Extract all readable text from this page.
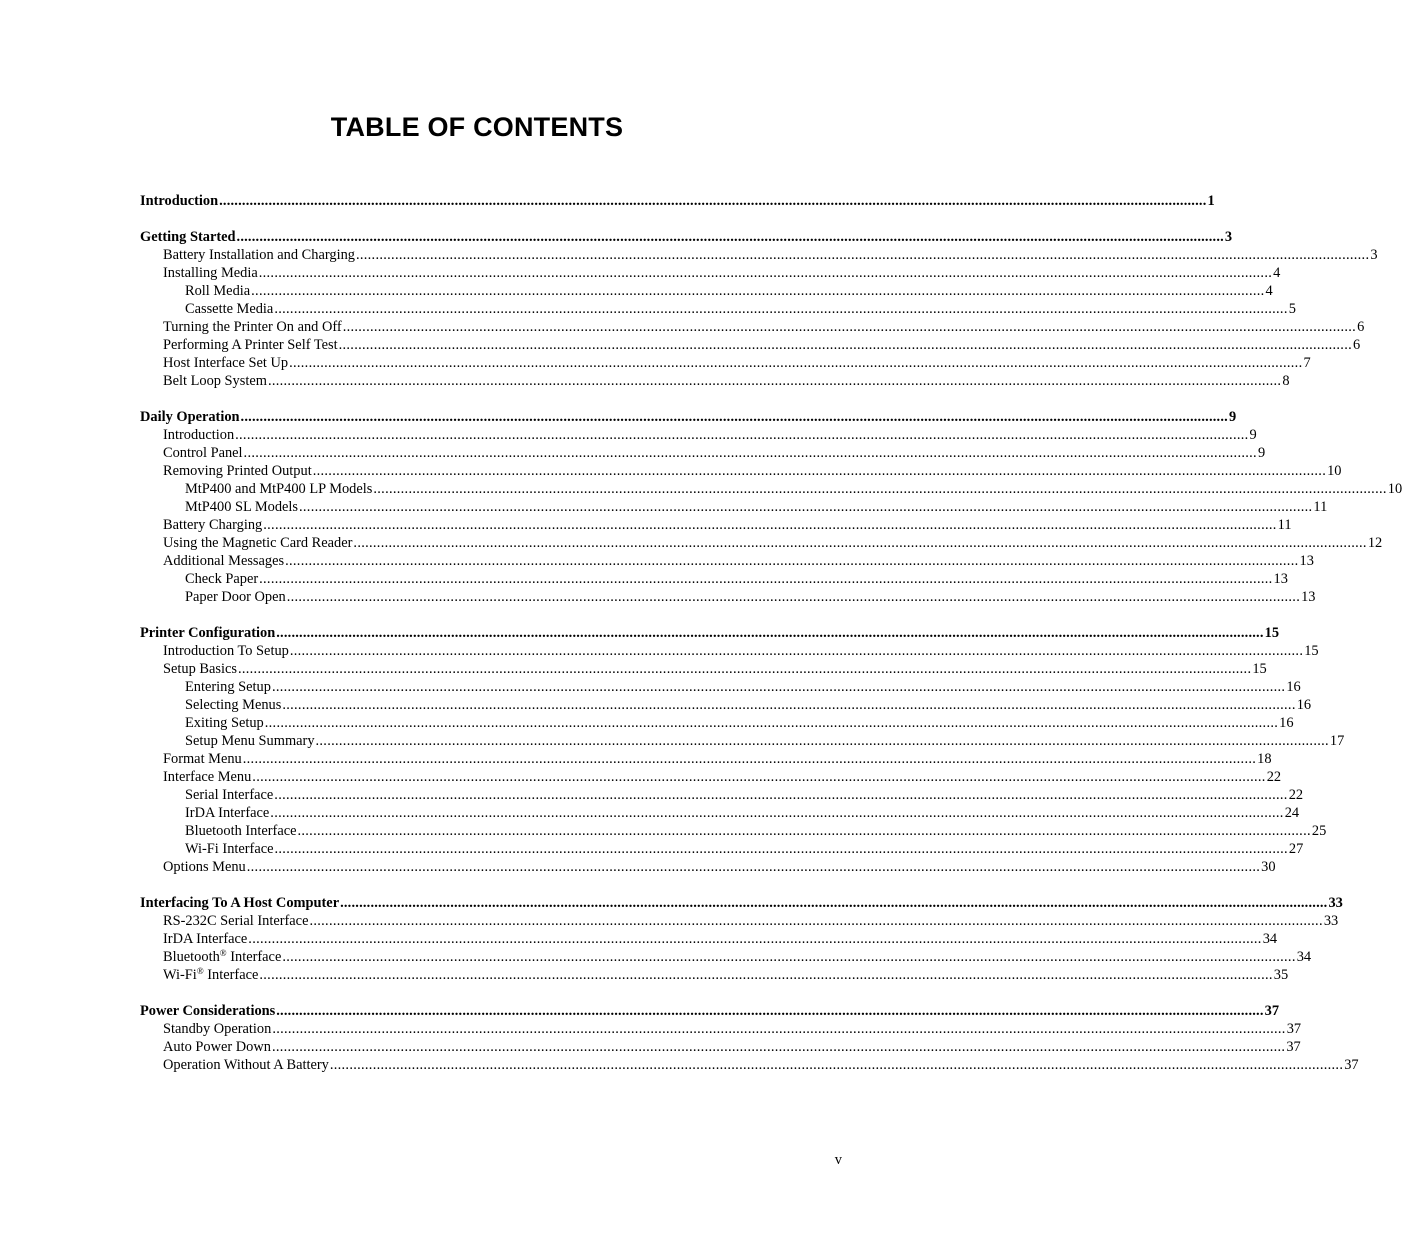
TABLE OF CONTENTS
Introduction .................................................................................................................................................................................................................................................................... 1
Getting Started .................................................................................................................................................................................................................................................................... 3
Battery Installation and Charging .................................................................................................................................................................................................................................................................... 3
Installing Media .................................................................................................................................................................................................................................................................... 4
Roll Media .................................................................................................................................................................................................................................................................... 4
Cassette Media .................................................................................................................................................................................................................................................................... 5
Turning the Printer On and Off .................................................................................................................................................................................................................................................................... 6
Performing A Printer Self Test .................................................................................................................................................................................................................................................................... 6
Host Interface Set Up .................................................................................................................................................................................................................................................................... 7
Belt Loop System .................................................................................................................................................................................................................................................................... 8
Daily Operation .................................................................................................................................................................................................................................................................... 9
Introduction .................................................................................................................................................................................................................................................................... 9
Control Panel .................................................................................................................................................................................................................................................................... 9
Removing Printed Output .................................................................................................................................................................................................................................................................... 10
MtP400 and MtP400 LP Models .................................................................................................................................................................................................................................................................... 10
MtP400 SL Models .................................................................................................................................................................................................................................................................... 11
Battery Charging .................................................................................................................................................................................................................................................................... 11
Using the Magnetic Card Reader .................................................................................................................................................................................................................................................................... 12
Additional Messages .................................................................................................................................................................................................................................................................... 13
Check Paper .................................................................................................................................................................................................................................................................... 13
Paper Door Open .................................................................................................................................................................................................................................................................... 13
Printer Configuration .................................................................................................................................................................................................................................................................... 15
Introduction To Setup .................................................................................................................................................................................................................................................................... 15
Setup Basics .................................................................................................................................................................................................................................................................... 15
Entering Setup .................................................................................................................................................................................................................................................................... 16
Selecting Menus .................................................................................................................................................................................................................................................................... 16
Exiting Setup .................................................................................................................................................................................................................................................................... 16
Setup Menu Summary .................................................................................................................................................................................................................................................................... 17
Format Menu .................................................................................................................................................................................................................................................................... 18
Interface Menu .................................................................................................................................................................................................................................................................... 22
Serial Interface .................................................................................................................................................................................................................................................................... 22
IrDA Interface .................................................................................................................................................................................................................................................................... 24
Bluetooth Interface .................................................................................................................................................................................................................................................................... 25
Wi-Fi Interface .................................................................................................................................................................................................................................................................... 27
Options Menu .................................................................................................................................................................................................................................................................... 30
Interfacing To A Host Computer .................................................................................................................................................................................................................................................................... 33
RS-232C Serial Interface .................................................................................................................................................................................................................................................................... 33
IrDA Interface .................................................................................................................................................................................................................................................................... 34
Bluetooth® Interface .................................................................................................................................................................................................................................................................... 34
Wi-Fi® Interface .................................................................................................................................................................................................................................................................... 35
Power Considerations .................................................................................................................................................................................................................................................................... 37
Standby Operation .................................................................................................................................................................................................................................................................... 37
Auto Power Down .................................................................................................................................................................................................................................................................... 37
Operation Without A Battery .................................................................................................................................................................................................................................................................... 37
v
